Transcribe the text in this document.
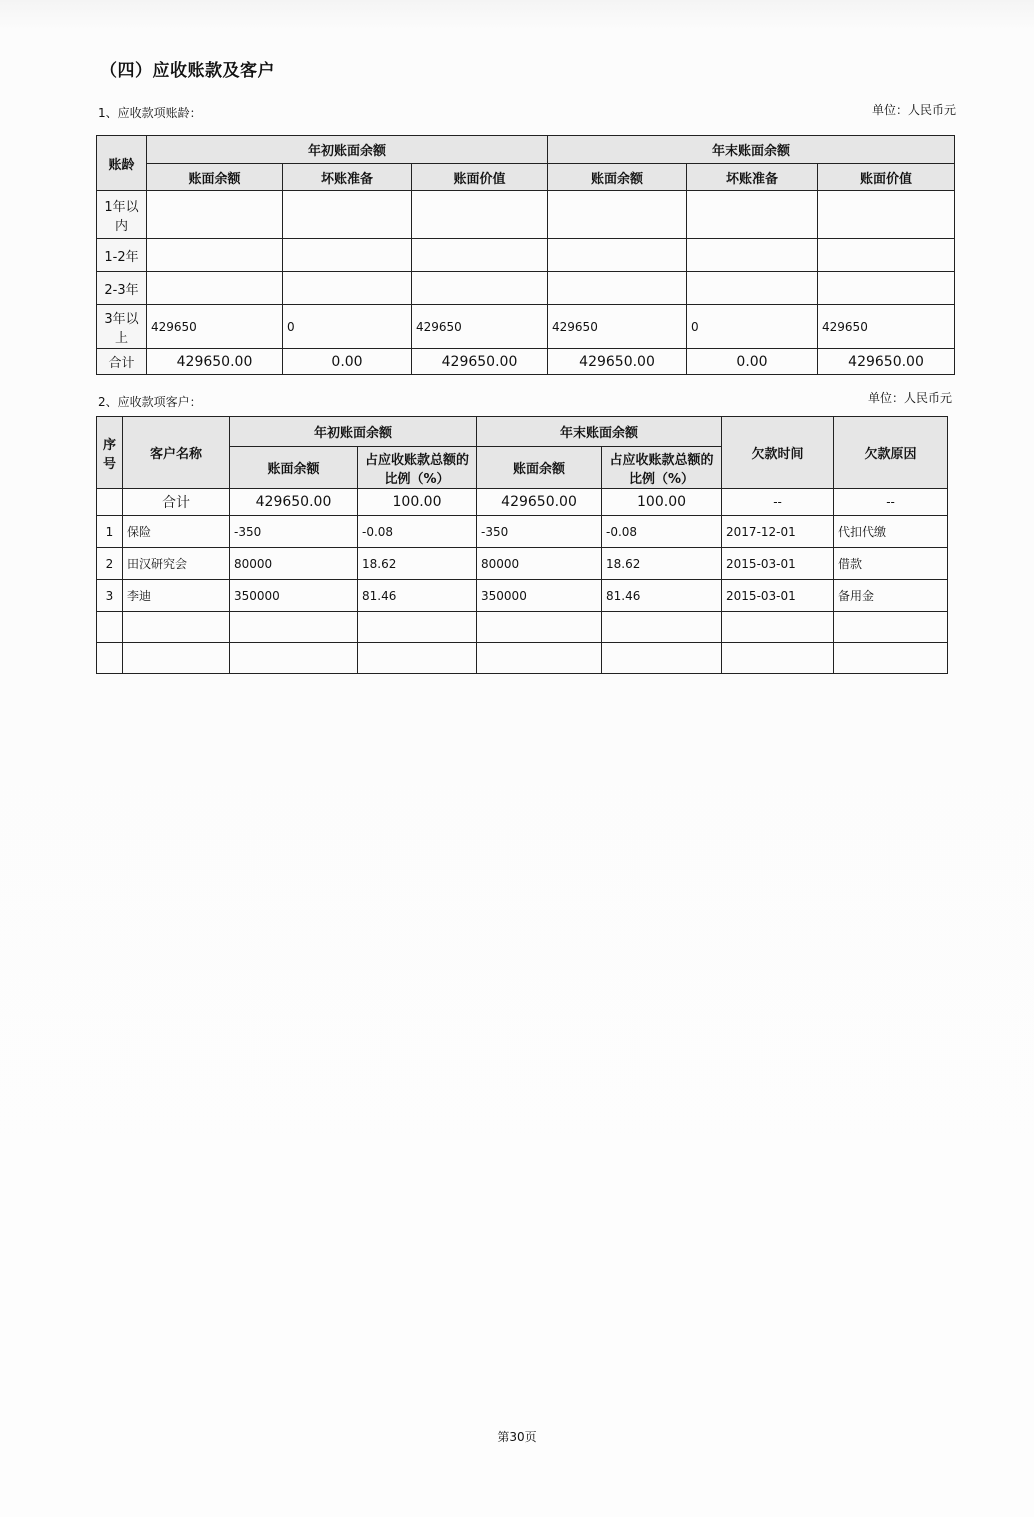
（四）应收账款及客户
1、应收款项账龄：	单位：人民币元
账龄	年初账面余额			年末账面余额		
	账面余额	坏账准备	账面价值	账面余额	坏账准备	账面价值
1年以内						
1-2年						
2-3年						
3年以上	429650	0	429650	429650	0	429650
合计	429650.00	0.00	429650.00	429650.00	0.00	429650.00
2、应收款项客户：	单位：人民币元
序号	客户名称	年初账面余额		年末账面余额		欠款时间	欠款原因
		账面余额	占应收账款总额的比例（%）	账面余额	占应收账款总额的比例（%）		
	合计	429650.00	100.00	429650.00	100.00	--	--
1	保险	-350	-0.08	-350	-0.08	2017-12-01	代扣代缴
2	田汉研究会	80000	18.62	80000	18.62	2015-03-01	借款
3	李迪	350000	81.46	350000	81.46	2015-03-01	备用金

第30页
